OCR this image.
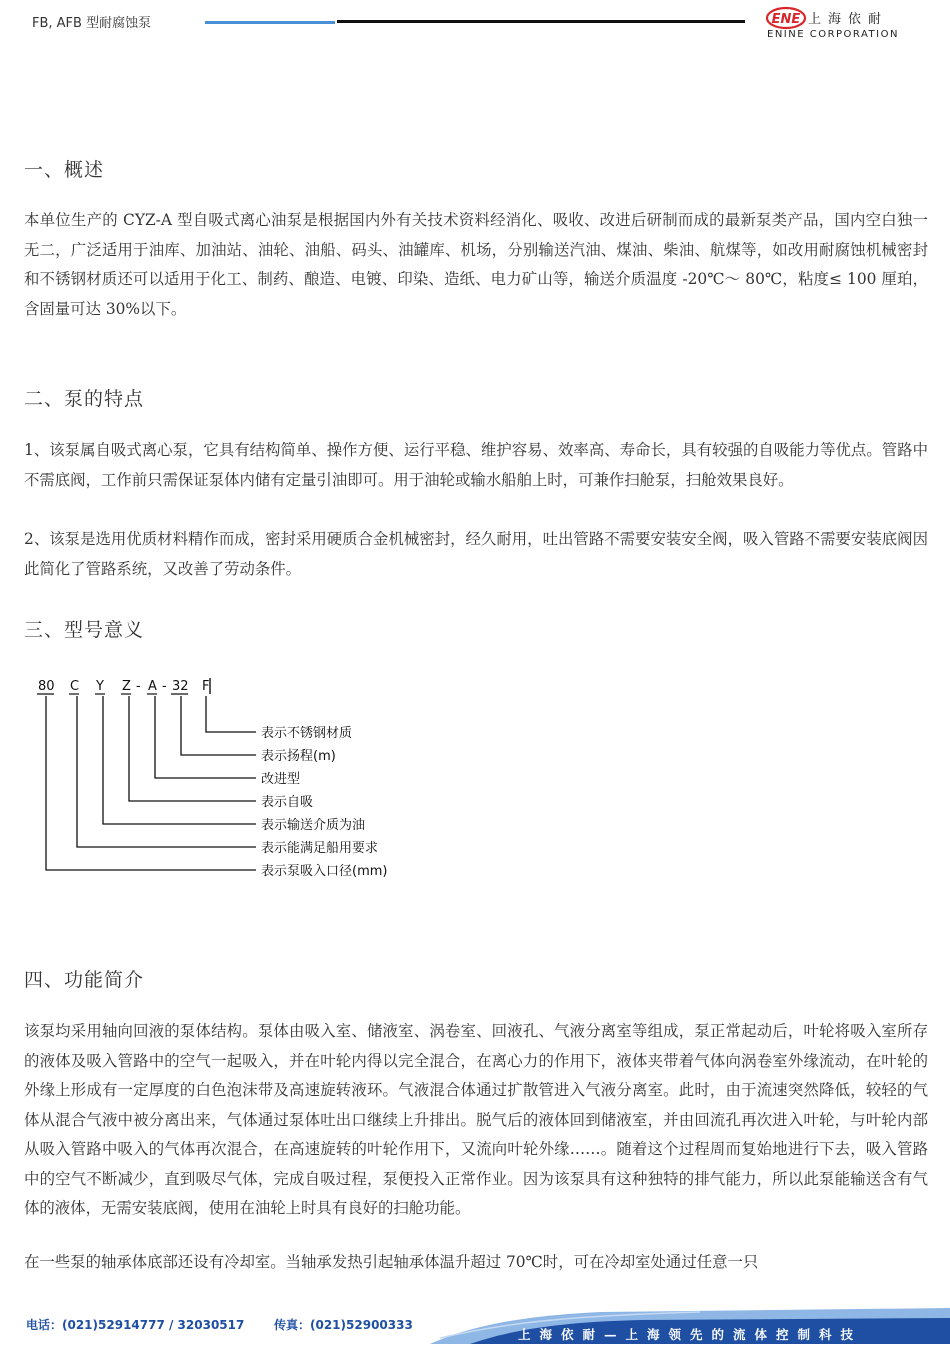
FB, AFB 型耐腐蚀泵	ENE 上海依耐
ENINE CORPORATION
一、概述

本单位生产的 CYZ-A 型自吸式离心油泵是根据国内外有关技术资料经消化、吸收、改进后研制而成的最新泵类产品，国内空白独一无二，广泛适用于油库、加油站、油轮、油船、码头、油罐库、机场，分别输送汽油、煤油、柴油、航煤等，如改用耐腐蚀机械密封和不锈钢材质还可以适用于化工、制药、酿造、电镀、印染、造纸、电力矿山等，输送介质温度 -20℃～ 80℃，粘度≤ 100 厘珀，含固量可达 30%以下。

二、泵的特点

1、该泵属自吸式离心泵，它具有结构简单、操作方便、运行平稳、维护容易、效率高、寿命长，具有较强的自吸能力等优点。管路中不需底阀，工作前只需保证泵体内储有定量引油即可。用于油轮或输水船舶上时，可兼作扫舱泵，扫舱效果良好。

2、该泵是选用优质材料精作而成，密封采用硬质合金机械密封，经久耐用，吐出管路不需要安装安全阀，吸入管路不需要安装底阀因此简化了管路系统，又改善了劳动条件。

三、型号意义
80 C Y Z - A - 32 F
表示不锈钢材质
表示扬程(m)
改进型
表示自吸
表示输送介质为油
表示能满足船用要求
表示泵吸入口径(mm)
四、功能简介

该泵均采用轴向回液的泵体结构。泵体由吸入室、储液室、涡卷室、回液孔、气液分离室等组成，泵正常起动后，叶轮将吸入室所存的液体及吸入管路中的空气一起吸入，并在叶轮内得以完全混合，在离心力的作用下，液体夹带着气体向涡卷室外缘流动，在叶轮的外缘上形成有一定厚度的白色泡沫带及高速旋转液环。气液混合体通过扩散管进入气液分离室。此时，由于流速突然降低，较轻的气体从混合气液中被分离出来，气体通过泵体吐出口继续上升排出。脱气后的液体回到储液室，并由回流孔再次进入叶轮，与叶轮内部从吸入管路中吸入的气体再次混合，在高速旋转的叶轮作用下，又流向叶轮外缘……。随着这个过程周而复始地进行下去，吸入管路中的空气不断减少，直到吸尽气体，完成自吸过程，泵便投入正常作业。因为该泵具有这种独特的排气能力，所以此泵能输送含有气体的液体，无需安装底阀，使用在油轮上时具有良好的扫舱功能。

在一些泵的轴承体底部还设有冷却室。当轴承发热引起轴承体温升超过 70℃时，可在冷却室处通过任意一只

电话：(021)52914777 / 32030517 传真：(021)52900333
上海依耐—上海领先的流体控制科技
